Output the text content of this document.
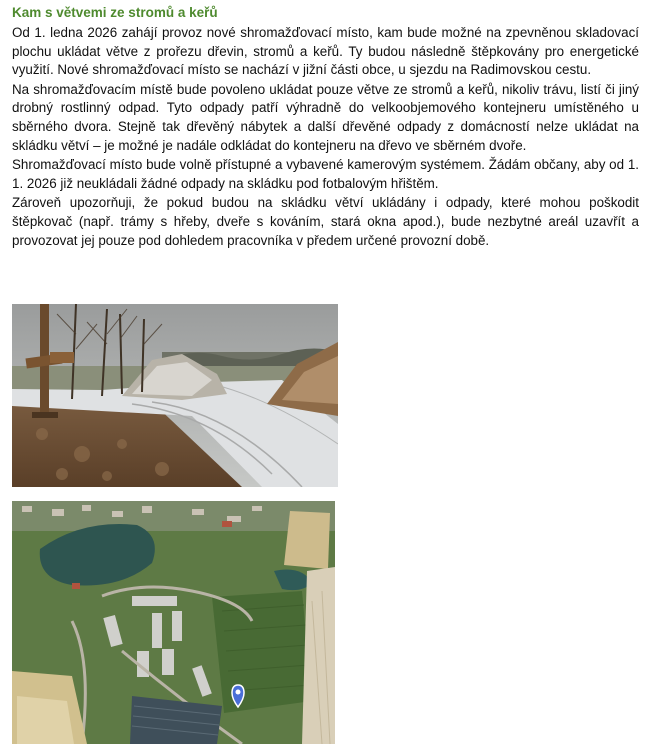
Kam s větvemi ze stromů a keřů

Od 1. ledna 2026 zahájí provoz nové shromažďovací místo, kam bude možné na zpevněnou skladovací plochu ukládat větve z prořezu dřevin, stromů a keřů. Ty budou následně štěpkovány pro energetické využití. Nové shromažďovací místo se nachází v jižní části obce, u sjezdu na Radimovskou cestu.

Na shromažďovacím místě bude povoleno ukládat pouze větve ze stromů a keřů, nikoliv trávu, listí či jiný drobný rostlinný odpad. Tyto odpady patří výhradně do velkoobjemového kontejneru umístěného u sběrného dvora. Stejně tak dřevěný nábytek a další dřevěné odpady z domácností nelze ukládat na skládku větví – je možné je nadále odkládat do kontejneru na dřevo ve sběrném dvoře.

Shromažďovací místo bude volně přístupné a vybavené kamerovým systémem. Žádám občany, aby od 1. 1. 2026 již neukládali žádné odpady na skládku pod fotbalovým hřištěm.

Zároveň upozorňuji, že pokud budou na skládku větví ukládány i odpady, které mohou poškodit štěpkovač (např. trámy s hřeby, dveře s kováním, stará okna apod.), bude nezbytné areál uzavřít a provozovat jej pouze pod dohledem pracovníka v předem určené provozní době.
